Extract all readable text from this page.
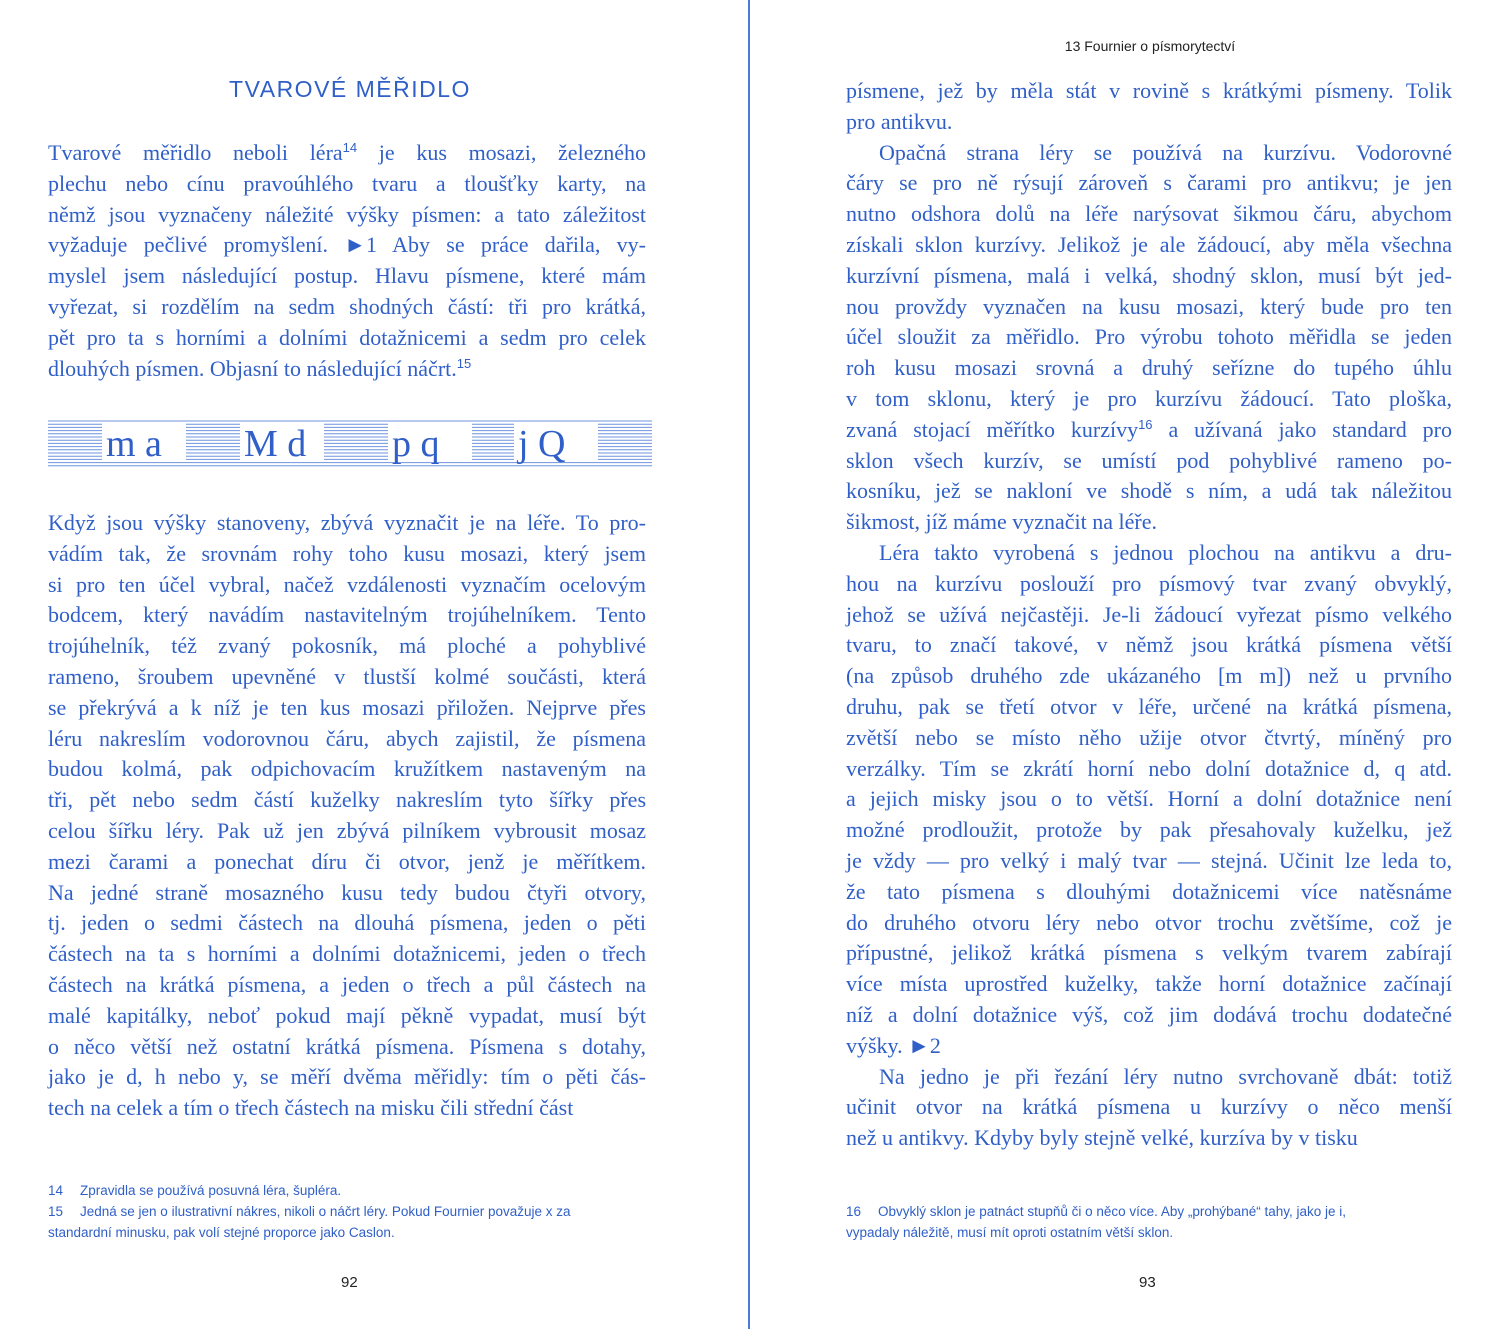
TVAROVÉ MĚŘIDLO
Tvarové měřidlo neboli léra$^{14}$ je kus mosazi, železného
plechu nebo cínu pravoúhlého tvaru a tloušťky karty, na
němž jsou vyznačeny náležité výšky písmen: a tato záležitost
vyžaduje pečlivé promyšlení. ►1 Aby se práce dařila, vy-
myslel jsem následující postup. Hlavu písmene, které mám
vyřezat, si rozdělím na sedm shodných částí: tři pro krátká,
pět pro ta s horními a dolními dotažnicemi a sedm pro celek
dlouhých písmen. Objasní to následující náčrt.$^{15}$
m a M d p q j Q
Když jsou výšky stanoveny, zbývá vyznačit je na léře. To pro-
vádím tak, že srovnám rohy toho kusu mosazi, který jsem
si pro ten účel vybral, načež vzdálenosti vyznačím ocelovým
bodcem, který navádím nastavitelným trojúhelníkem. Tento
trojúhelník, též zvaný pokosník, má ploché a pohyblivé
rameno, šroubem upevněné v tlustší kolmé součásti, která
se překrývá a k níž je ten kus mosazi přiložen. Nejprve přes
léru nakreslím vodorovnou čáru, abych zajistil, že písmena
budou kolmá, pak odpichovacím kružítkem nastaveným na
tři, pět nebo sedm částí kuželky nakreslím tyto šířky přes
celou šířku léry. Pak už jen zbývá pilníkem vybrousit mosaz
mezi čarami a ponechat díru či otvor, jenž je měřítkem.
Na jedné straně mosazného kusu tedy budou čtyři otvory,
tj. jeden o sedmi částech na dlouhá písmena, jeden o pěti
částech na ta s horními a dolními dotažnicemi, jeden o třech
částech na krátká písmena, a jeden o třech a půl částech na
malé kapitálky, neboť pokud mají pěkně vypadat, musí být
o něco větší než ostatní krátká písmena. Písmena s dotahy,
jako je d, h nebo y, se měří dvěma měřidly: tím o pěti čás-
tech na celek a tím o třech částech na misku čili střední část
14 Zpravidla se používá posuvná léra, šupléra.
15 Jedná se jen o ilustrativní nákres, nikoli o náčrt léry. Pokud Fournier považuje x za
standardní minusku, pak volí stejné proporce jako Caslon.
92
13 Fournier o písmorytectví
písmene, jež by měla stát v rovině s krátkými písmeny. Tolik
pro antikvu.
Opačná strana léry se používá na kurzívu. Vodorovné
čáry se pro ně rýsují zároveň s čarami pro antikvu; je jen
nutno odshora dolů na léře narýsovat šikmou čáru, abychom
získali sklon kurzívy. Jelikož je ale žádoucí, aby měla všechna
kurzívní písmena, malá i velká, shodný sklon, musí být jed-
nou provždy vyznačen na kusu mosazi, který bude pro ten
účel sloužit za měřidlo. Pro výrobu tohoto měřidla se jeden
roh kusu mosazi srovná a druhý seřízne do tupého úhlu
v tom sklonu, který je pro kurzívu žádoucí. Tato ploška,
zvaná stojací měřítko kurzívy$^{16}$ a užívaná jako standard pro
sklon všech kurzív, se umístí pod pohyblivé rameno po-
kosníku, jež se nakloní ve shodě s ním, a udá tak náležitou
šikmost, jíž máme vyznačit na léře.
Léra takto vyrobená s jednou plochou na antikvu a dru-
hou na kurzívu poslouží pro písmový tvar zvaný obvyklý,
jehož se užívá nejčastěji. Je-li žádoucí vyřezat písmo velkého
tvaru, to značí takové, v němž jsou krátká písmena větší
(na způsob druhého zde ukázaného [m m]) než u prvního
druhu, pak se třetí otvor v léře, určené na krátká písmena,
zvětší nebo se místo něho užije otvor čtvrtý, míněný pro
verzálky. Tím se zkrátí horní nebo dolní dotažnice d, q atd.
a jejich misky jsou o to větší. Horní a dolní dotažnice není
možné prodloužit, protože by pak přesahovaly kuželku, jež
je vždy — pro velký i malý tvar — stejná. Učinit lze leda to,
že tato písmena s dlouhými dotažnicemi více natěsnáme
do druhého otvoru léry nebo otvor trochu zvětšíme, což je
přípustné, jelikož krátká písmena s velkým tvarem zabírají
více místa uprostřed kuželky, takže horní dotažnice začínají
níž a dolní dotažnice výš, což jim dodává trochu dodatečné
výšky. ►2
Na jedno je při řezání léry nutno svrchovaně dbát: totiž
učinit otvor na krátká písmena u kurzívy o něco menší
než u antikvy. Kdyby byly stejně velké, kurzíva by v tisku
16 Obvyklý sklon je patnáct stupňů či o něco více. Aby „prohýbané“ tahy, jako je i,
vypadaly náležitě, musí mít oproti ostatním větší sklon.
93
